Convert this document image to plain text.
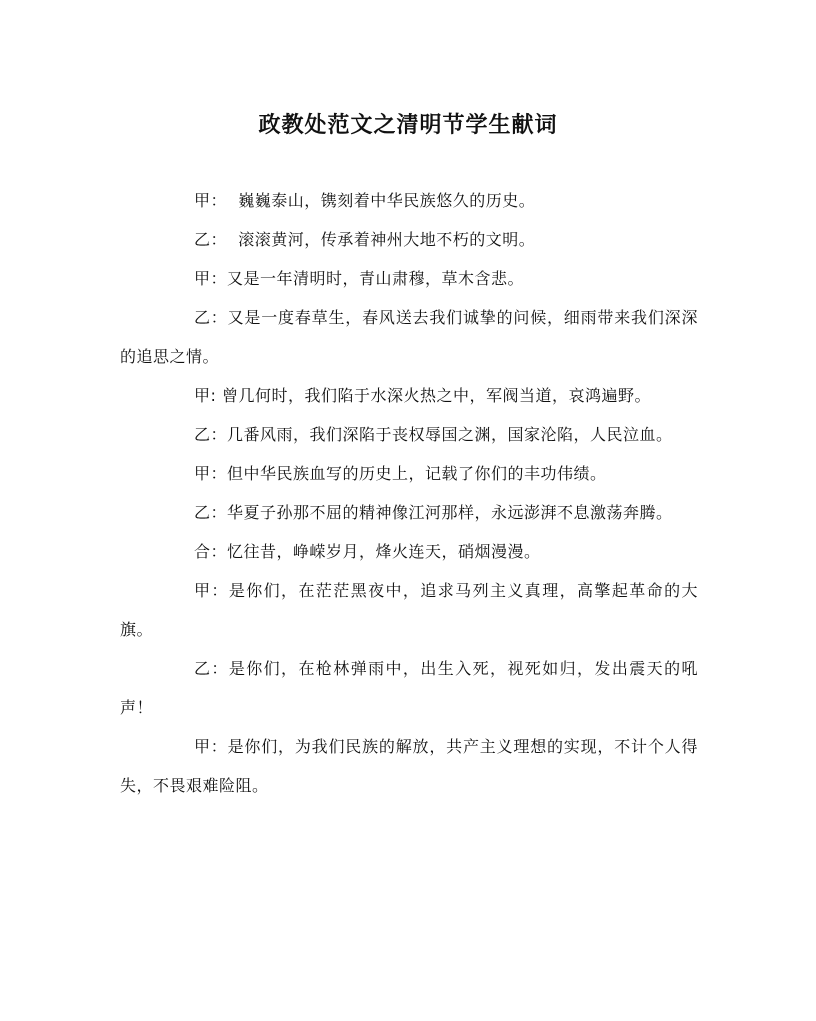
政教处范文之清明节学生献词

甲：  巍巍泰山，镌刻着中华民族悠久的历史。

乙：  滚滚黄河，传承着神州大地不朽的文明。

甲：又是一年清明时，青山肃穆，草木含悲。

乙：又是一度春草生，春风送去我们诚挚的问候，细雨带来我们深深的追思之情。

甲: 曾几何时，我们陷于水深火热之中，军阀当道，哀鸿遍野。

乙：几番风雨，我们深陷于丧权辱国之渊，国家沦陷，人民泣血。

甲：但中华民族血写的历史上，记载了你们的丰功伟绩。

乙：华夏子孙那不屈的精神像江河那样，永远澎湃不息激荡奔腾。

合：忆往昔，峥嵘岁月，烽火连天，硝烟漫漫。

甲：是你们，在茫茫黑夜中，追求马列主义真理，高擎起革命的大旗。

乙：是你们，在枪林弹雨中，出生入死，视死如归，发出震天的吼声！

甲：是你们，为我们民族的解放，共产主义理想的实现，不计个人得失，不畏艰难险阻。
